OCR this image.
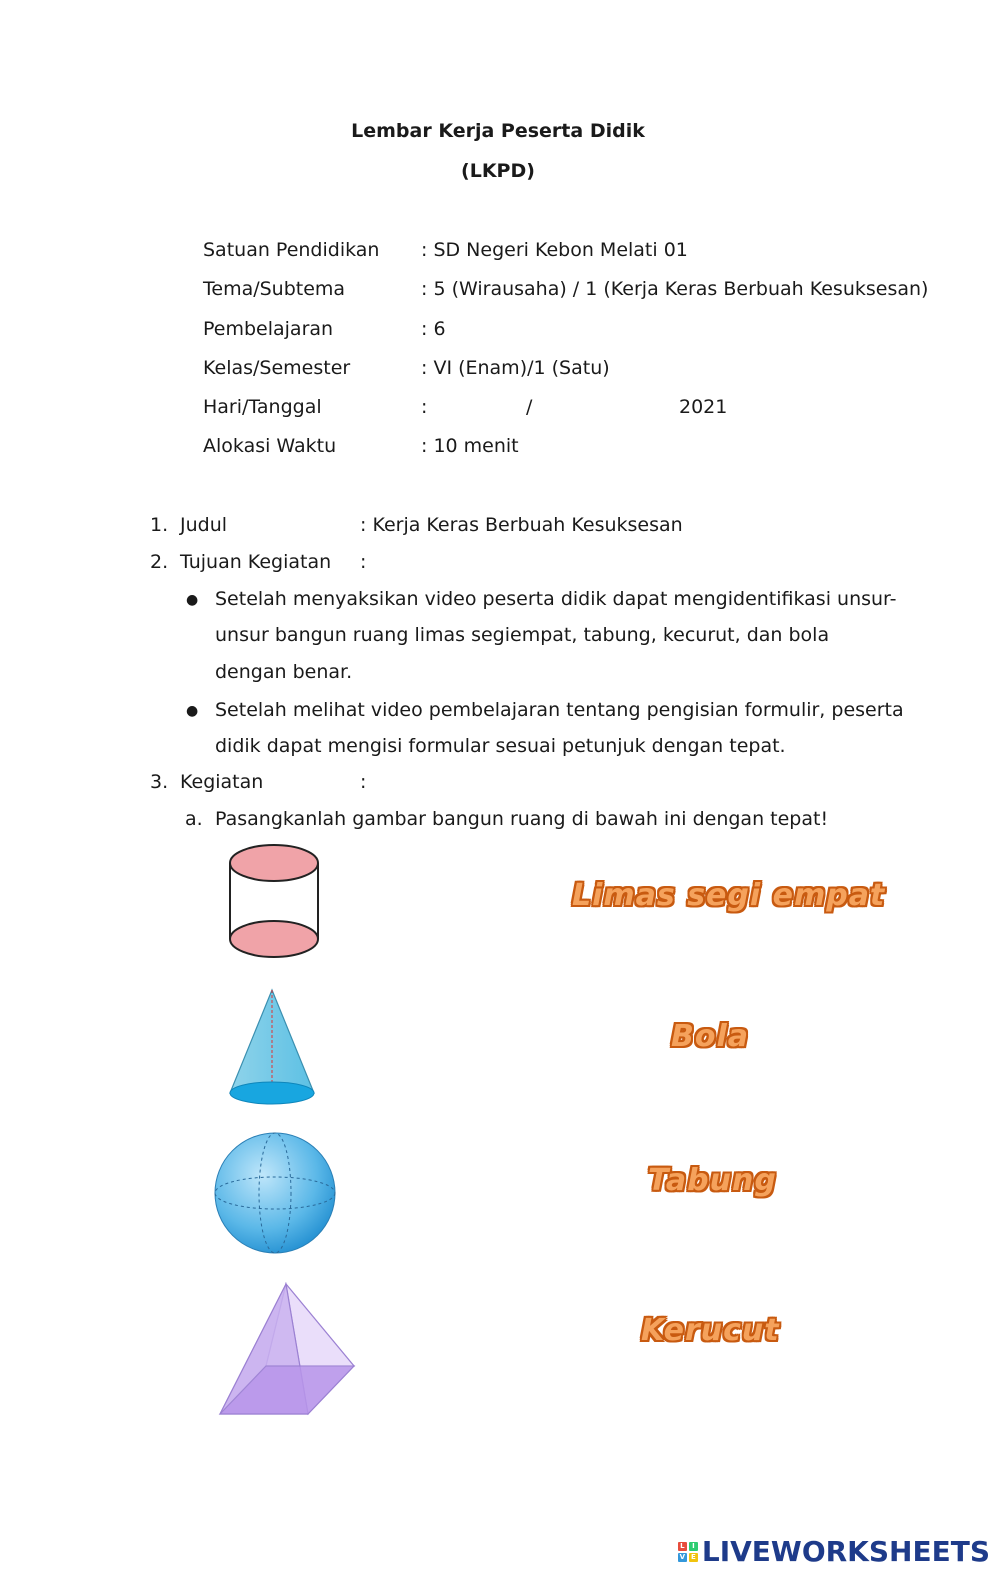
Lembar Kerja Peserta Didik
(LKPD)
Satuan Pendidikan : SD Negeri Kebon Melati 01
Tema/Subtema	: 5 (Wirausaha) / 1 (Kerja Keras Berbuah Kesuksesan)
Pembelajaran	: 6
Kelas/Semester	: VI (Enam)/1 (Satu)
Hari/Tanggal	:	/	2021
Alokasi Waktu	: 10 menit
1. Judul	: Kerja Keras Berbuah Kesuksesan
2. Tujuan Kegiatan :
● Setelah menyaksikan video peserta didik dapat mengidentifikasi unsur-
unsur bangun ruang limas segiempat, tabung, kecurut, dan bola
dengan benar.
● Setelah melihat video pembelajaran tentang pengisian formulir, peserta
didik dapat mengisi formular sesuai petunjuk dengan tepat.
3. Kegiatan	:
a. Pasangkanlah gambar bangun ruang di bawah ini dengan tepat!
Limas segi empat
Bola
Tabung
Kerucut
L	I
V E LIVEWORKSHEETS
